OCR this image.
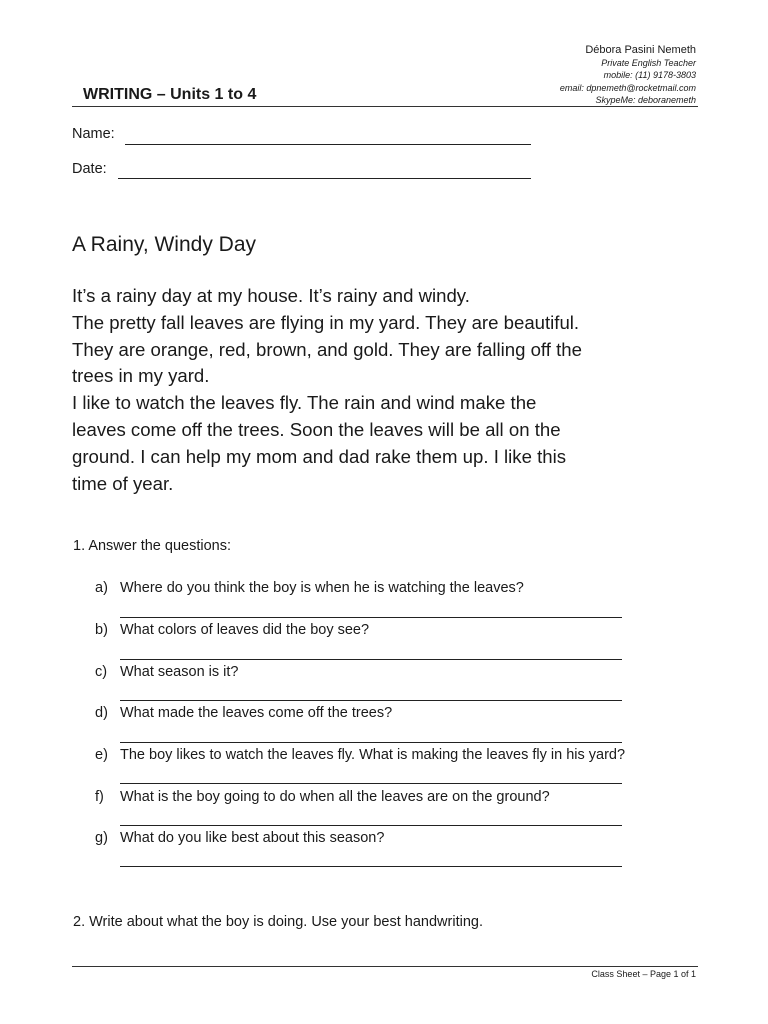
Débora Pasini Nemeth
Private English Teacher
mobile: (11) 9178-3803
email: dpnemeth@rocketmail.com
SkypeMe: deboranemeth
WRITING – Units 1 to 4
Name:
Date:
A Rainy, Windy Day

It’s a rainy day at my house. It’s rainy and windy.

The pretty fall leaves are flying in my yard. They are beautiful.

They are orange, red, brown, and gold. They are falling off the

trees in my yard.

I like to watch the leaves fly. The rain and wind make the

leaves come off the trees. Soon the leaves will be all on the

ground. I can help my mom and dad rake them up. I like this

time of year.

1. Answer the questions:
a) Where do you think the boy is when he is watching the leaves?
b) What colors of leaves did the boy see?
c) What season is it?
d) What made the leaves come off the trees?
e) The boy likes to watch the leaves fly. What is making the leaves fly in his yard?
f) What is the boy going to do when all the leaves are on the ground?
g) What do you like best about this season?
2. Write about what the boy is doing. Use your best handwriting.
Class Sheet – Page 1 of 1
